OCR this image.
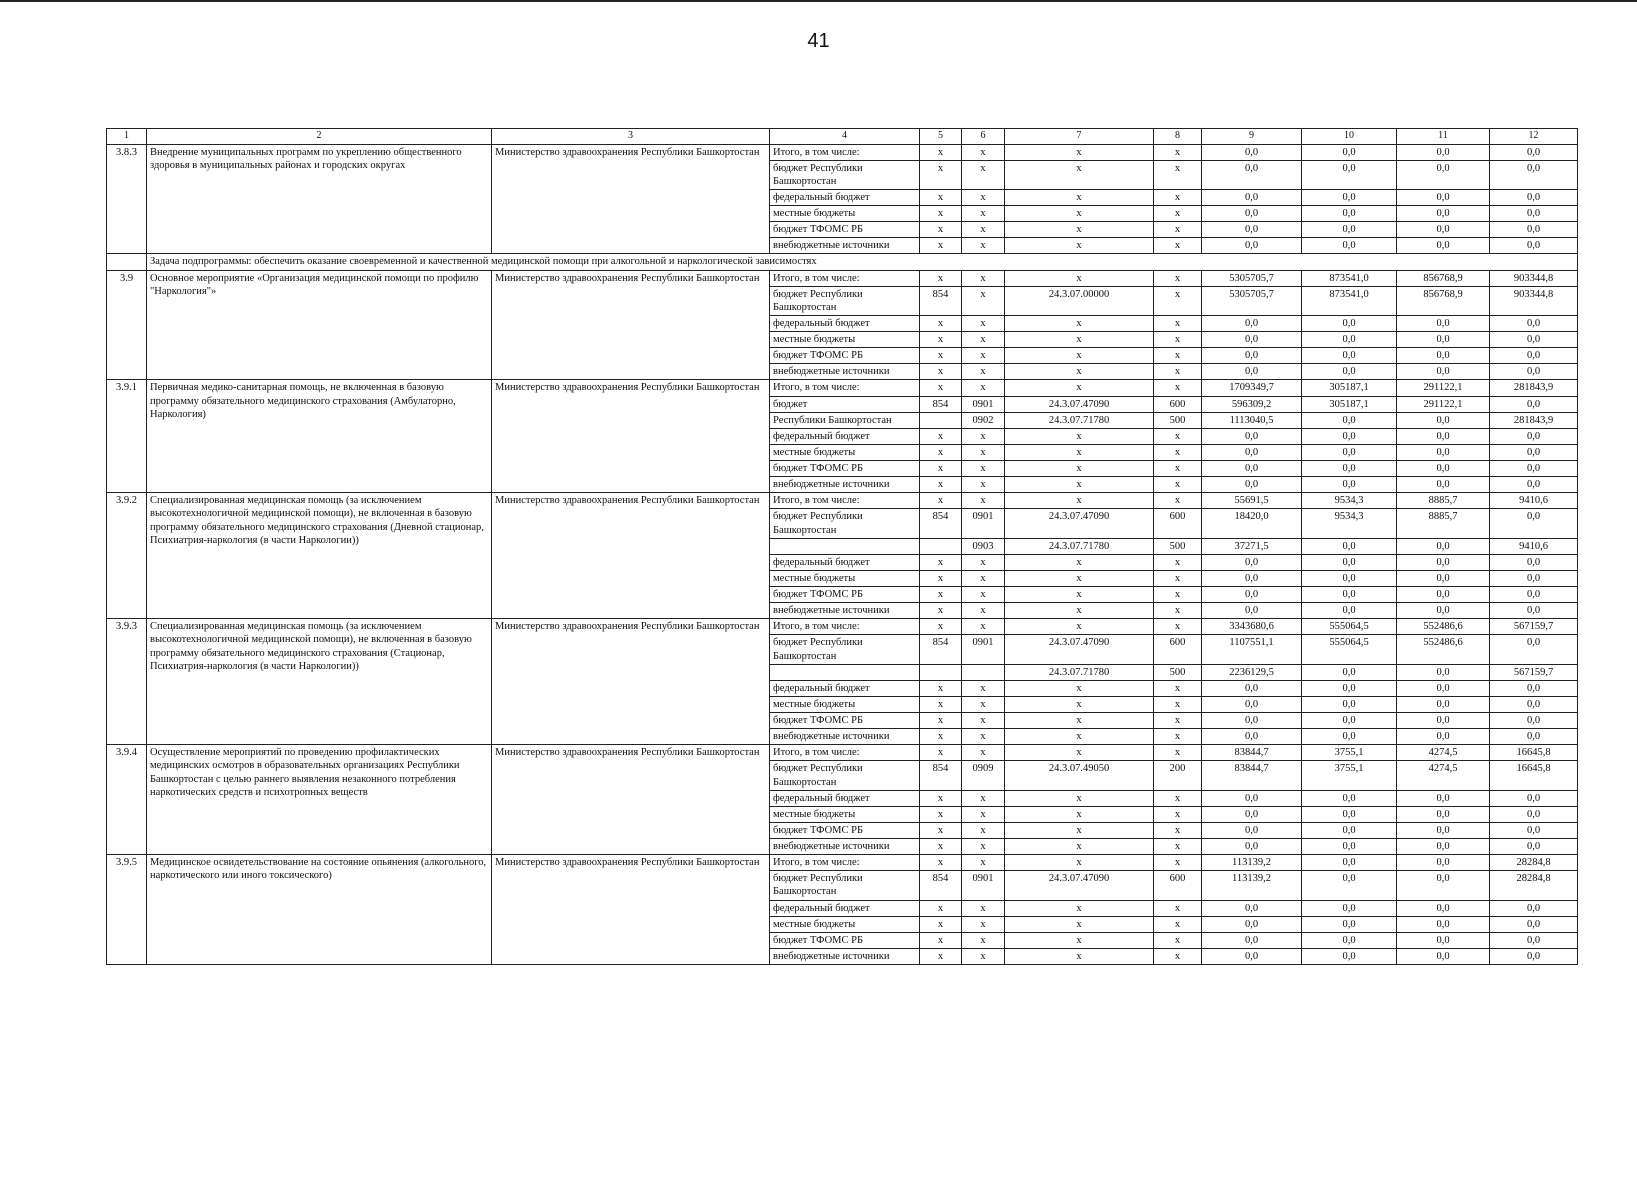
41
1	2	3	4	5	6	7	8	9	10	11	12
3.8.3	Внедрение муниципальных программ по укреплению общественного здоровья в муниципальных районах и городских округах	Министерство здравоохранения Республики Башкортостан	Итого, в том числе:	x	x	x	x	0,0	0,0	0,0	0,0
			бюджет Республики Башкортостан	x	x	x	x	0,0	0,0	0,0	0,0
			федеральный бюджет	x	x	x	x	0,0	0,0	0,0	0,0
			местные бюджеты	x	x	x	x	0,0	0,0	0,0	0,0
			бюджет ТФОМС РБ	x	x	x	x	0,0	0,0	0,0	0,0
			внебюджетные источники	x	x	x	x	0,0	0,0	0,0	0,0
	Задача подпрограммы: обеспечить оказание своевременной и качественной медицинской помощи при алкогольной и наркологической зависимостях										
3.9	Основное мероприятие «Организация медицинской помощи по профилю "Наркология"»	Министерство здравоохранения Республики Башкортостан	Итого, в том числе:	x	x	x	x	5305705,7	873541,0	856768,9	903344,8
			бюджет Республики Башкортостан	854	x	24.3.07.00000	x	5305705,7	873541,0	856768,9	903344,8
			федеральный бюджет	x	x	x	x	0,0	0,0	0,0	0,0
			местные бюджеты	x	x	x	x	0,0	0,0	0,0	0,0
			бюджет ТФОМС РБ	x	x	x	x	0,0	0,0	0,0	0,0
			внебюджетные источники	x	x	x	x	0,0	0,0	0,0	0,0
3.9.1	Первичная медико-санитарная помощь, не включенная в базовую программу обязательного медицинского страхования (Амбулаторно, Наркология)	Министерство здравоохранения Республики Башкортостан	Итого, в том числе:	x	x	x	x	1709349,7	305187,1	291122,1	281843,9
			бюджет	854	0901	24.3.07.47090	600	596309,2	305187,1	291122,1	0,0
			Республики Башкортостан		0902	24.3.07.71780	500	1113040,5	0,0	0,0	281843,9
			федеральный бюджет	x	x	x	x	0,0	0,0	0,0	0,0
			местные бюджеты	x	x	x	x	0,0	0,0	0,0	0,0
			бюджет ТФОМС РБ	x	x	x	x	0,0	0,0	0,0	0,0
			внебюджетные источники	x	x	x	x	0,0	0,0	0,0	0,0
3.9.2	Специализированная медицинская помощь (за исключением высокотехнологичной медицинской помощи), не включенная в базовую программу обязательного медицинского страхования (Дневной стационар, Психиатрия-наркология (в части Наркологии))	Министерство здравоохранения Республики Башкортостан	Итого, в том числе:	x	x	x	x	55691,5	9534,3	8885,7	9410,6
			бюджет Республики Башкортостан	854	0901	24.3.07.47090	600	18420,0	9534,3	8885,7	0,0
					0903	24.3.07.71780	500	37271,5	0,0	0,0	9410,6
			федеральный бюджет	x	x	x	x	0,0	0,0	0,0	0,0
			местные бюджеты	x	x	x	x	0,0	0,0	0,0	0,0
			бюджет ТФОМС РБ	x	x	x	x	0,0	0,0	0,0	0,0
			внебюджетные источники	x	x	x	x	0,0	0,0	0,0	0,0
3.9.3	Специализированная медицинская помощь (за исключением высокотехнологичной медицинской помощи), не включенная в базовую программу обязательного медицинского страхования (Стационар, Психиатрия-наркология (в части Наркологии))	Министерство здравоохранения Республики Башкортостан	Итого, в том числе:	x	x	x	x	3343680,6	555064,5	552486,6	567159,7
			бюджет Республики Башкортостан	854	0901	24.3.07.47090	600	1107551,1	555064,5	552486,6	0,0
						24.3.07.71780	500	2236129,5	0,0	0,0	567159,7
			федеральный бюджет	x	x	x	x	0,0	0,0	0,0	0,0
			местные бюджеты	x	x	x	x	0,0	0,0	0,0	0,0
			бюджет ТФОМС РБ	x	x	x	x	0,0	0,0	0,0	0,0
			внебюджетные источники	x	x	x	x	0,0	0,0	0,0	0,0
3.9.4	Осуществление мероприятий по проведению профилактических медицинских осмотров в образовательных организациях Республики Башкортостан с целью раннего выявления незаконного потребления наркотических средств и психотропных веществ	Министерство здравоохранения Республики Башкортостан	Итого, в том числе:	x	x	x	x	83844,7	3755,1	4274,5	16645,8
			бюджет Республики Башкортостан	854	0909	24.3.07.49050	200	83844,7	3755,1	4274,5	16645,8
			федеральный бюджет	x	x	x	x	0,0	0,0	0,0	0,0
			местные бюджеты	x	x	x	x	0,0	0,0	0,0	0,0
			бюджет ТФОМС РБ	x	x	x	x	0,0	0,0	0,0	0,0
			внебюджетные источники	x	x	x	x	0,0	0,0	0,0	0,0
3.9.5	Медицинское освидетельствование на состояние опьянения (алкогольного, наркотического или иного токсического)	Министерство здравоохранения Республики Башкортостан	Итого, в том числе:	x	x	x	x	113139,2	0,0	0,0	28284,8
			бюджет Республики Башкортостан	854	0901	24.3.07.47090	600	113139,2	0,0	0,0	28284,8
			федеральный бюджет	x	x	x	x	0,0	0,0	0,0	0,0
			местные бюджеты	x	x	x	x	0,0	0,0	0,0	0,0
			бюджет ТФОМС РБ	x	x	x	x	0,0	0,0	0,0	0,0
			внебюджетные источники	x	x	x	x	0,0	0,0	0,0	0,0
